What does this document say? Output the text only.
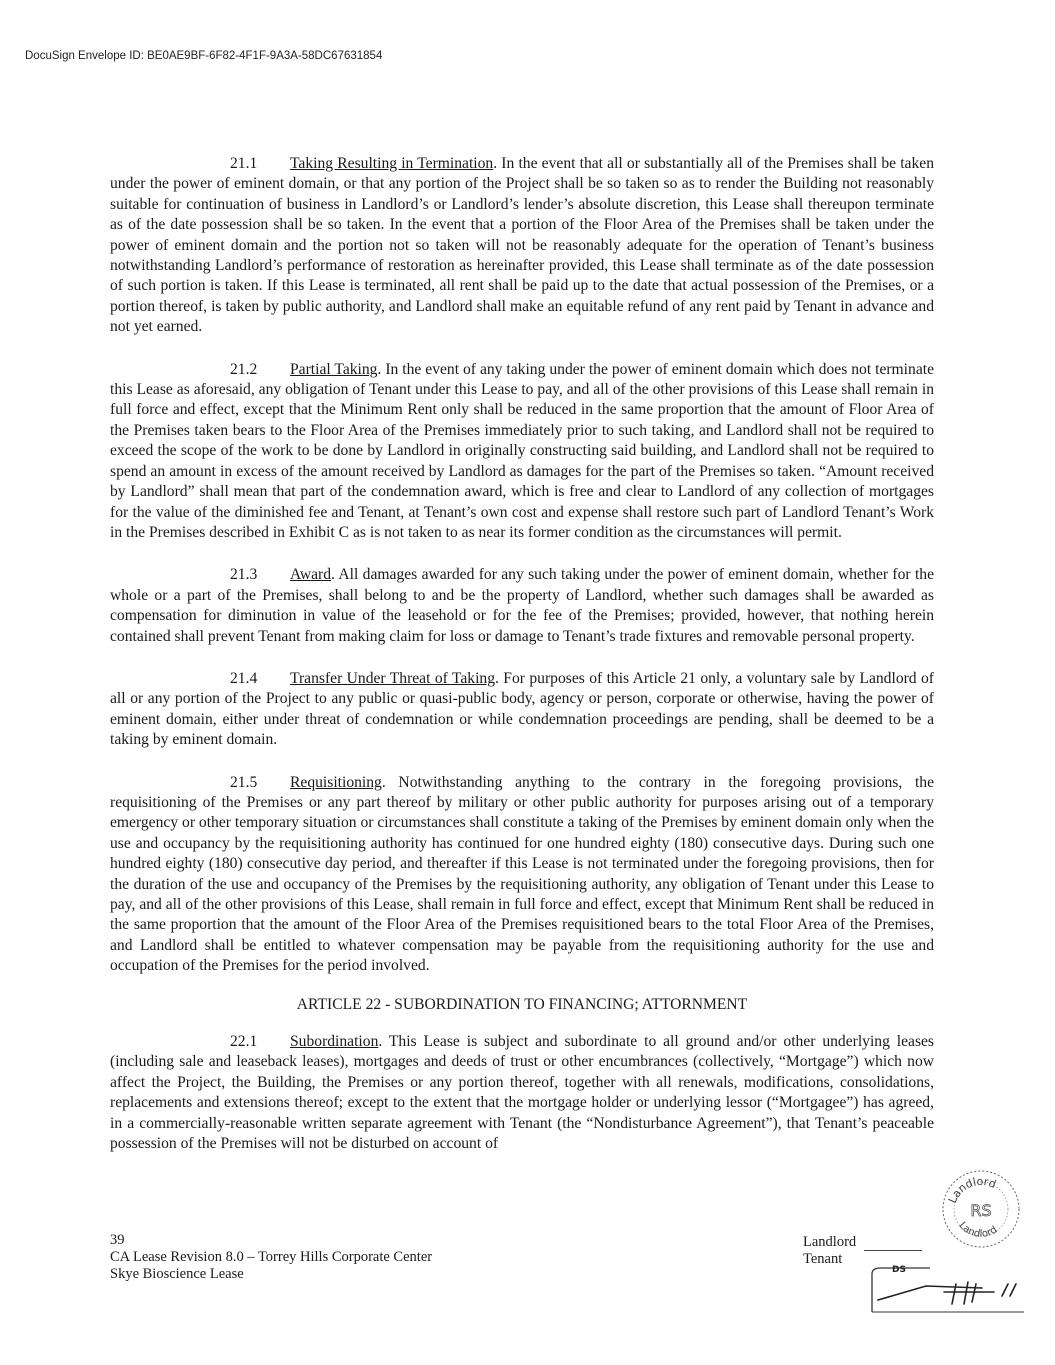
DocuSign Envelope ID: BE0AE9BF-6F82-4F1F-9A3A-58DC67631854

21.1 Taking Resulting in Termination. In the event that all or substantially all of the Premises shall be taken under the power of eminent domain, or that any portion of the Project shall be so taken so as to render the Building not reasonably suitable for continuation of business in Landlord’s or Landlord’s lender’s absolute discretion, this Lease shall thereupon terminate as of the date possession shall be so taken. In the event that a portion of the Floor Area of the Premises shall be taken under the power of eminent domain and the portion not so taken will not be reasonably adequate for the operation of Tenant’s business notwithstanding Landlord’s performance of restoration as hereinafter provided, this Lease shall terminate as of the date possession of such portion is taken. If this Lease is terminated, all rent shall be paid up to the date that actual possession of the Premises, or a portion thereof, is taken by public authority, and Landlord shall make an equitable refund of any rent paid by Tenant in advance and not yet earned.

21.2 Partial Taking. In the event of any taking under the power of eminent domain which does not terminate this Lease as aforesaid, any obligation of Tenant under this Lease to pay, and all of the other provisions of this Lease shall remain in full force and effect, except that the Minimum Rent only shall be reduced in the same proportion that the amount of Floor Area of the Premises taken bears to the Floor Area of the Premises immediately prior to such taking, and Landlord shall not be required to exceed the scope of the work to be done by Landlord in originally constructing said building, and Landlord shall not be required to spend an amount in excess of the amount received by Landlord as damages for the part of the Premises so taken. “Amount received by Landlord” shall mean that part of the condemnation award, which is free and clear to Landlord of any collection of mortgages for the value of the diminished fee and Tenant, at Tenant’s own cost and expense shall restore such part of Landlord Tenant’s Work in the Premises described in Exhibit C as is not taken to as near its former condition as the circumstances will permit.

21.3 Award. All damages awarded for any such taking under the power of eminent domain, whether for the whole or a part of the Premises, shall belong to and be the property of Landlord, whether such damages shall be awarded as compensation for diminution in value of the leasehold or for the fee of the Premises; provided, however, that nothing herein contained shall prevent Tenant from making claim for loss or damage to Tenant’s trade fixtures and removable personal property.

21.4 Transfer Under Threat of Taking. For purposes of this Article 21 only, a voluntary sale by Landlord of all or any portion of the Project to any public or quasi-public body, agency or person, corporate or otherwise, having the power of eminent domain, either under threat of condemnation or while condemnation proceedings are pending, shall be deemed to be a taking by eminent domain.

21.5 Requisitioning. Notwithstanding anything to the contrary in the foregoing provisions, the requisitioning of the Premises or any part thereof by military or other public authority for purposes arising out of a temporary emergency or other temporary situation or circumstances shall constitute a taking of the Premises by eminent domain only when the use and occupancy by the requisitioning authority has continued for one hundred eighty (180) consecutive days. During such one hundred eighty (180) consecutive day period, and thereafter if this Lease is not terminated under the foregoing provisions, then for the duration of the use and occupancy of the Premises by the requisitioning authority, any obligation of Tenant under this Lease to pay, and all of the other provisions of this Lease, shall remain in full force and effect, except that Minimum Rent shall be reduced in the same proportion that the amount of the Floor Area of the Premises requisitioned bears to the total Floor Area of the Premises, and Landlord shall be entitled to whatever compensation may be payable from the requisitioning authority for the use and occupation of the Premises for the period involved.

ARTICLE 22 - SUBORDINATION TO FINANCING; ATTORNMENT

22.1 Subordination. This Lease is subject and subordinate to all ground and/or other underlying leases (including sale and leaseback leases), mortgages and deeds of trust or other encumbrances (collectively, “Mortgage”) which now affect the Project, the Building, the Premises or any portion thereof, together with all renewals, modifications, consolidations, replacements and extensions thereof; except to the extent that the mortgage holder or underlying lessor (“Mortgagee”) has agreed, in a commercially-reasonable written separate agreement with Tenant (the “Nondisturbance Agreement”), that Tenant’s peaceable possession of the Premises will not be disturbed on account of

39
CA Lease Revision 8.0 – Torrey Hills Corporate Center
Skye Bioscience Lease
Landlord
Tenant
Landlord
Landlord
RS
DS
